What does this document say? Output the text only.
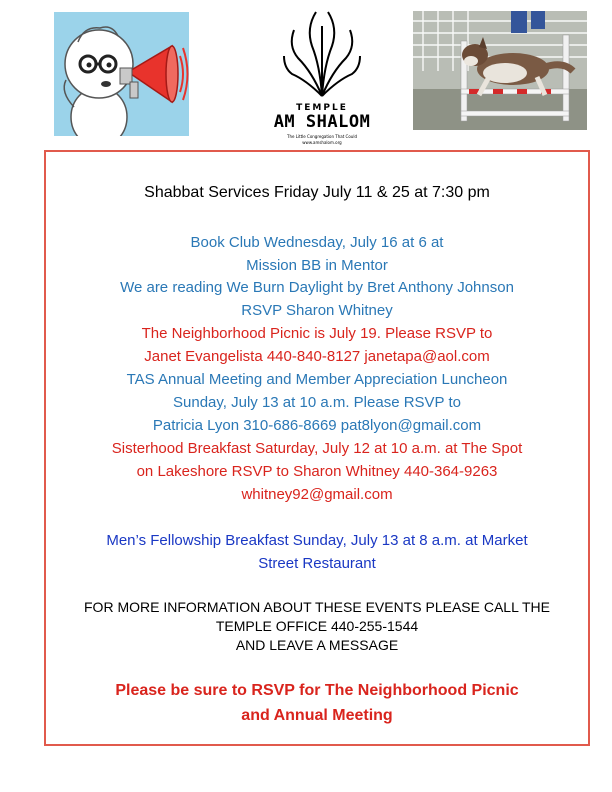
TEMPLE
AM SHALOM
The Little Congregation That Could
www.amshalom.org
Shabbat Services Friday July 11 & 25 at 7:30 pm
Book Club Wednesday, July 16 at 6 at
Mission BB in Mentor
We are reading We Burn Daylight by Bret Anthony Johnson
RSVP Sharon Whitney
The Neighborhood Picnic is July 19. Please RSVP to
Janet Evangelista 440-840-8127 janetapa@aol.com
TAS Annual Meeting and Member Appreciation Luncheon
Sunday, July 13 at 10 a.m. Please RSVP to
Patricia Lyon 310-686-8669 pat8lyon@gmail.com
Sisterhood Breakfast Saturday, July 12 at 10 a.m. at The Spot
on Lakeshore RSVP to Sharon Whitney 440-364-9263
whitney92@gmail.com
Men’s Fellowship Breakfast Sunday, July 13 at 8 a.m. at Market
Street Restaurant
FOR MORE INFORMATION ABOUT THESE EVENTS PLEASE CALL THE
TEMPLE OFFICE 440-255-1544
AND LEAVE A MESSAGE
Please be sure to RSVP for The Neighborhood Picnic
and Annual Meeting
